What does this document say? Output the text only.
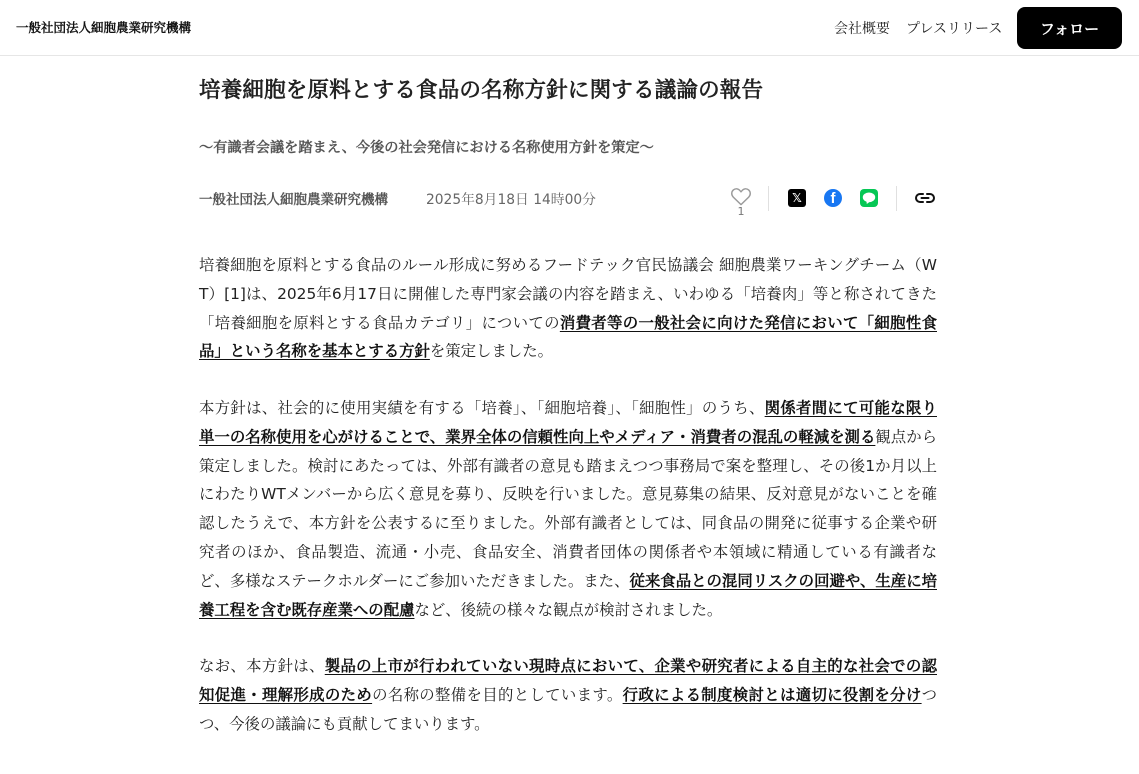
一般社団法人細胞農業研究機構	会社概要 プレスリリース	フォロー
培養細胞を原料とする食品の名称方針に関する議論の報告
～有識者会議を踏まえ、今後の社会発信における名称使用方針を策定～
一般社団法人細胞農業研究機構	2025年8月18日 14時00分
1
𝕏	f
培養細胞を原料とする食品のルール形成に努めるフードテック官民協議会 細胞農業ワーキングチーム（WT）[1]は、2025年6月17日に開催した専門家会議の内容を踏まえ、いわゆる「培養肉」等と称されてきた「培養細胞を原料とする食品カテゴリ」についての消費者等の一般社会に向けた発信において「細胞性食品」という名称を基本とする方針を策定しました。
本方針は、社会的に使用実績を有する「培養」、「細胞培養」、「細胞性」のうち、関係者間にて可能な限り単一の名称使用を心がけることで、業界全体の信頼性向上やメディア・消費者の混乱の軽減を測る観点から策定しました。検討にあたっては、外部有識者の意見も踏まえつつ事務局で案を整理し、その後1か月以上にわたりWTメンバーから広く意見を募り、反映を行いました。意見募集の結果、反対意見がないことを確認したうえで、本方針を公表するに至りました。外部有識者としては、同食品の開発に従事する企業や研究者のほか、食品製造、流通・小売、食品安全、消費者団体の関係者や本領域に精通している有識者など、多様なステークホルダーにご参加いただきました。また、従来食品との混同リスクの回避や、生産に培養工程を含む既存産業への配慮など、後続の様々な観点が検討されました。
なお、本方針は、製品の上市が行われていない現時点において、企業や研究者による自主的な社会での認知促進・理解形成のための名称の整備を目的としています。行政による制度検討とは適切に役割を分けつつ、今後の議論にも貢献してまいります。
